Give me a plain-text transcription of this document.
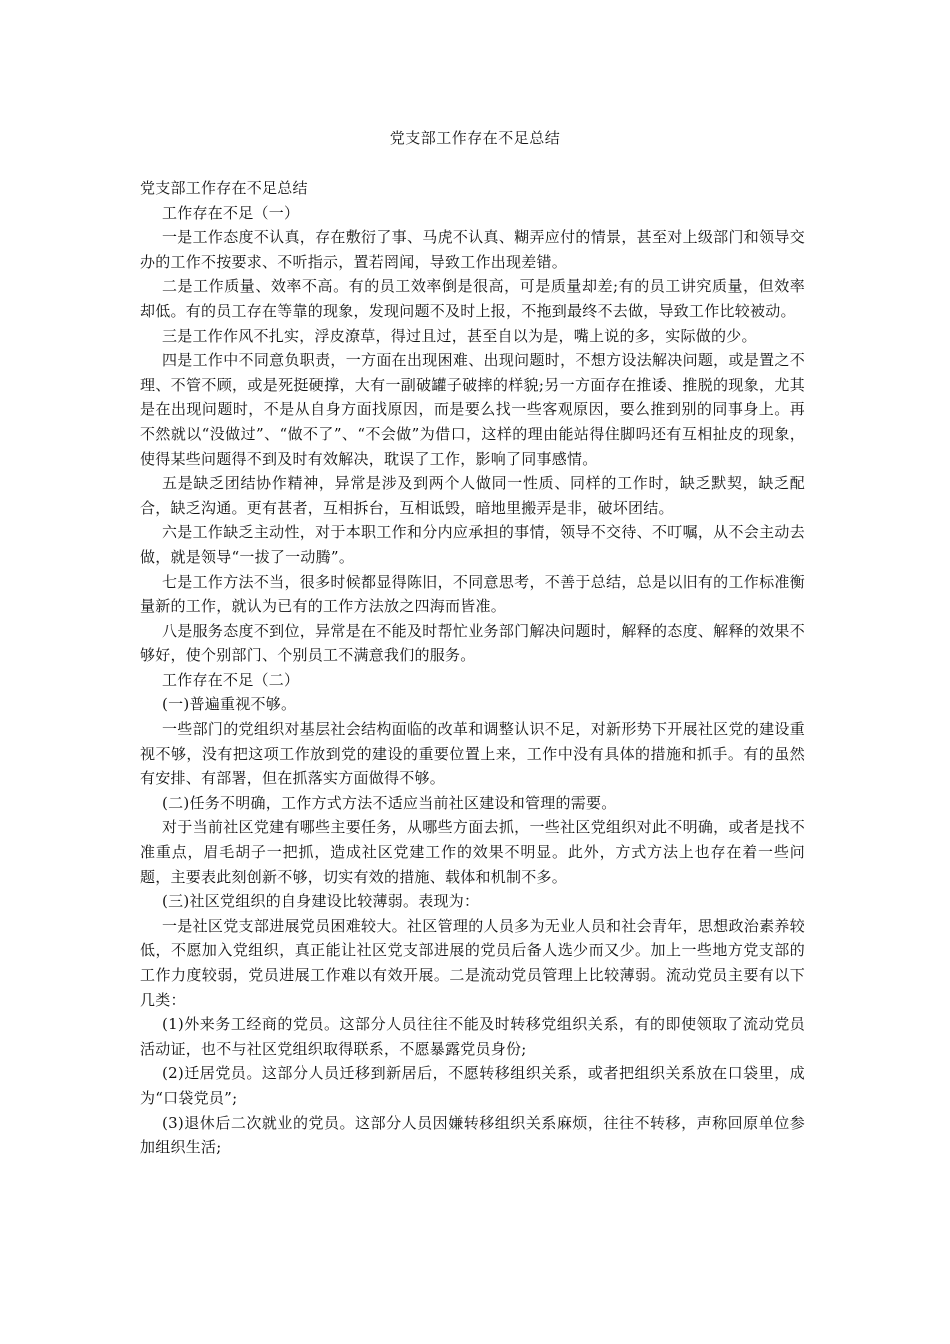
党支部工作存在不足总结

党支部工作存在不足总结

工作存在不足（一）

一是工作态度不认真，存在敷衍了事、马虎不认真、糊弄应付的情景，甚至对上级部门和领导交办的工作不按要求、不听指示，置若罔闻，导致工作出现差错。

二是工作质量、效率不高。有的员工效率倒是很高，可是质量却差;有的员工讲究质量，但效率却低。有的员工存在等靠的现象，发现问题不及时上报，不拖到最终不去做，导致工作比较被动。

三是工作作风不扎实，浮皮潦草，得过且过，甚至自以为是，嘴上说的多，实际做的少。

四是工作中不同意负职责，一方面在出现困难、出现问题时，不想方设法解决问题，或是置之不理、不管不顾，或是死挺硬撑，大有一副破罐子破摔的样貌;另一方面存在推诿、推脱的现象，尤其是在出现问题时，不是从自身方面找原因，而是要么找一些客观原因，要么推到别的同事身上。再不然就以“没做过”、“做不了”、“不会做”为借口，这样的理由能站得住脚吗还有互相扯皮的现象，使得某些问题得不到及时有效解决，耽误了工作，影响了同事感情。

五是缺乏团结协作精神，异常是涉及到两个人做同一性质、同样的工作时，缺乏默契，缺乏配合，缺乏沟通。更有甚者，互相拆台，互相诋毁，暗地里搬弄是非，破坏团结。

六是工作缺乏主动性，对于本职工作和分内应承担的事情，领导不交待、不叮嘱，从不会主动去做，就是领导“一拔了一动腾”。

七是工作方法不当，很多时候都显得陈旧，不同意思考，不善于总结，总是以旧有的工作标准衡量新的工作，就认为已有的工作方法放之四海而皆准。

八是服务态度不到位，异常是在不能及时帮忙业务部门解决问题时，解释的态度、解释的效果不够好，使个别部门、个别员工不满意我们的服务。

工作存在不足（二）

(一)普遍重视不够。

一些部门的党组织对基层社会结构面临的改革和调整认识不足，对新形势下开展社区党的建设重视不够，没有把这项工作放到党的建设的重要位置上来，工作中没有具体的措施和抓手。有的虽然有安排、有部署，但在抓落实方面做得不够。

(二)任务不明确，工作方式方法不适应当前社区建设和管理的需要。

对于当前社区党建有哪些主要任务，从哪些方面去抓，一些社区党组织对此不明确，或者是找不准重点，眉毛胡子一把抓，造成社区党建工作的效果不明显。此外，方式方法上也存在着一些问题，主要表此刻创新不够，切实有效的措施、载体和机制不多。

(三)社区党组织的自身建设比较薄弱。表现为：

一是社区党支部进展党员困难较大。社区管理的人员多为无业人员和社会青年，思想政治素养较低，不愿加入党组织，真正能让社区党支部进展的党员后备人选少而又少。加上一些地方党支部的工作力度较弱，党员进展工作难以有效开展。二是流动党员管理上比较薄弱。流动党员主要有以下几类：

(1)外来务工经商的党员。这部分人员往往不能及时转移党组织关系，有的即使领取了流动党员活动证，也不与社区党组织取得联系，不愿暴露党员身份;

(2)迁居党员。这部分人员迁移到新居后，不愿转移组织关系，或者把组织关系放在口袋里，成为“口袋党员”;

(3)退休后二次就业的党员。这部分人员因嫌转移组织关系麻烦，往往不转移，声称回原单位参加组织生活;
